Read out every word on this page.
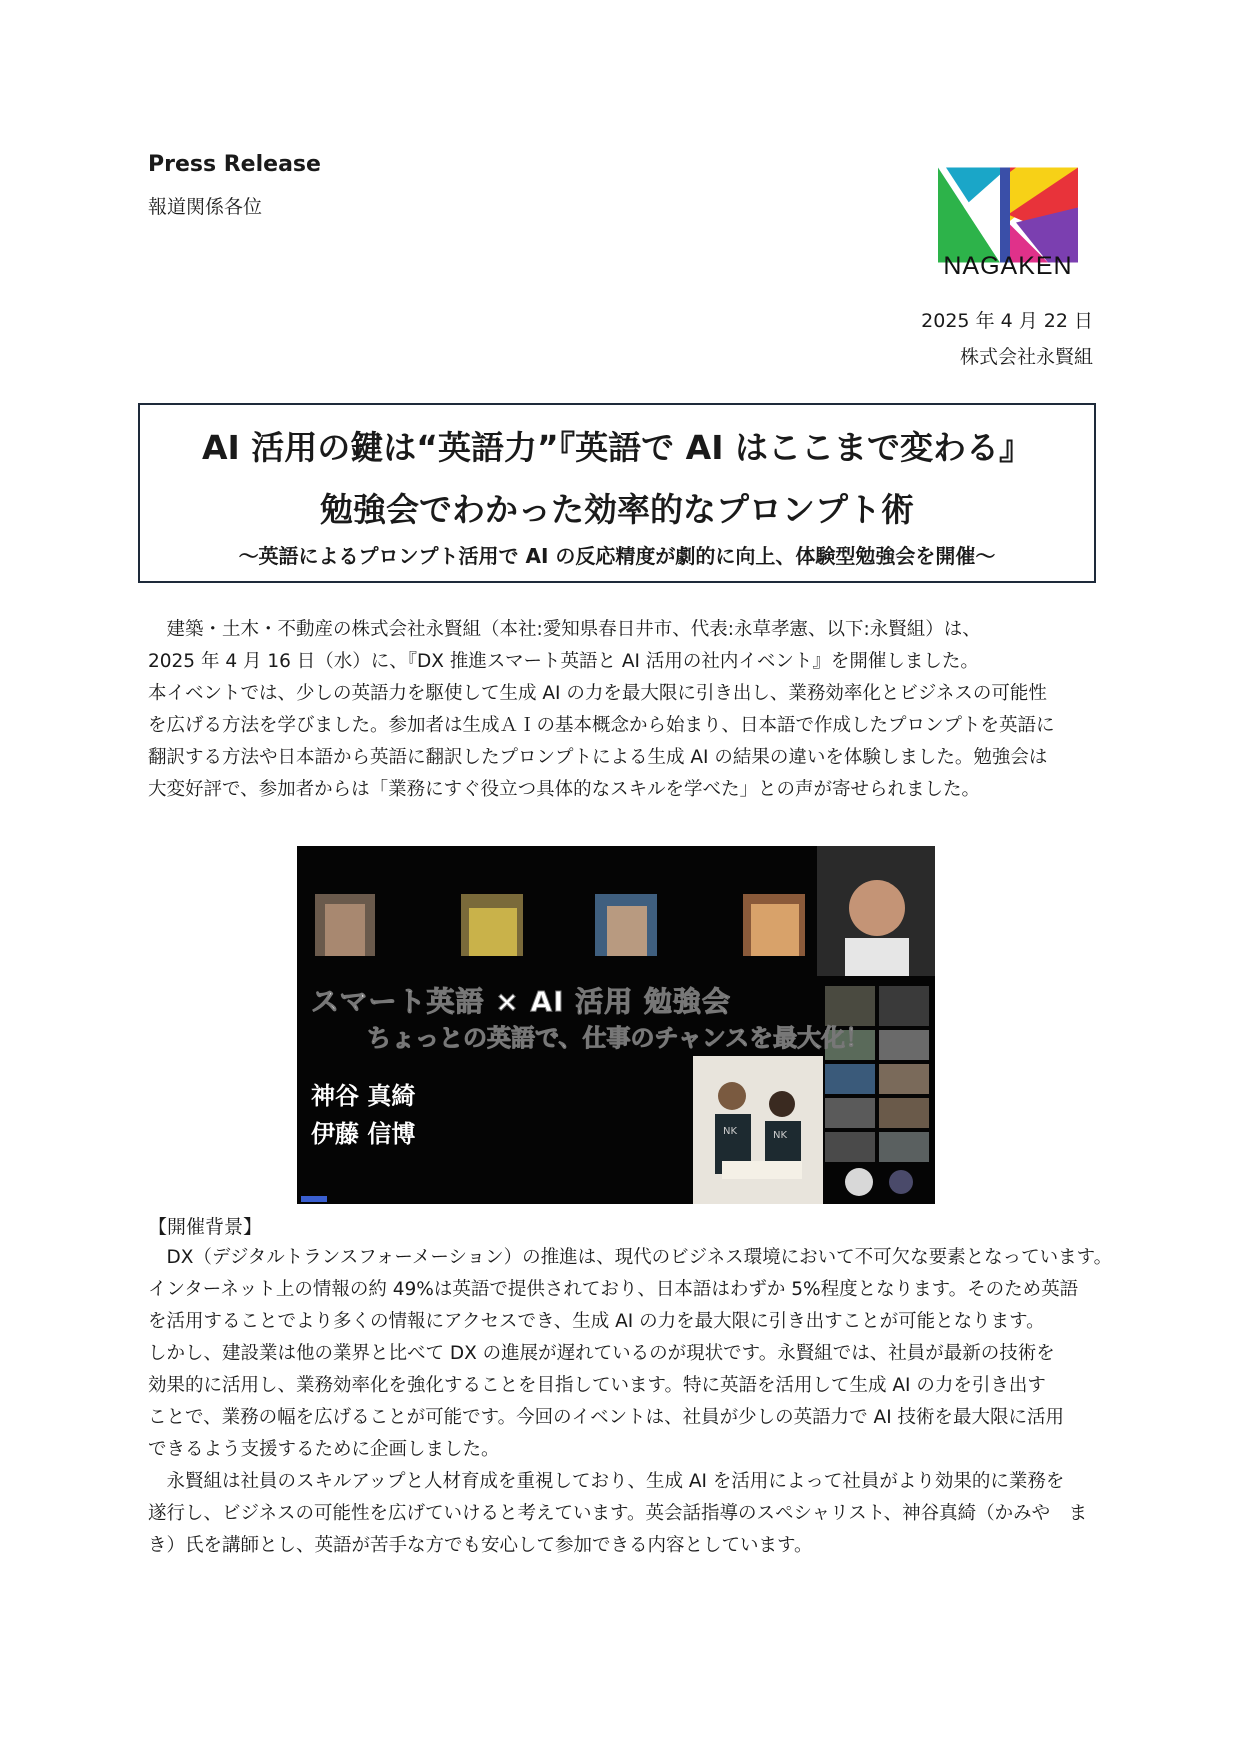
Press Release
報道関係各位
NAGAKEN
2025 年 4 月 22 日
株式会社永賢組
AI 活用の鍵は“英語力”『英語で AI はここまで変わる』
勉強会でわかった効率的なプロンプト術
〜英語によるプロンプト活用で AI の反応精度が劇的に向上、体験型勉強会を開催〜

　建築・土木・不動産の株式会社永賢組（本社:愛知県春日井市、代表:永草孝憲、以下:永賢組）は、

2025 年 4 月 16 日（水）に、『DX 推進スマート英語と AI 活用の社内イベント』を開催しました。

本イベントでは、少しの英語力を駆使して生成 AI の力を最大限に引き出し、業務効率化とビジネスの可能性

を広げる方法を学びました。参加者は生成ＡＩの基本概念から始まり、日本語で作成したプロンプトを英語に

翻訳する方法や日本語から英語に翻訳したプロンプトによる生成 AI の結果の違いを体験しました。勉強会は

大変好評で、参加者からは「業務にすぐ役立つ具体的なスキルを学べた」との声が寄せられました。

スマート英語 × AI 活用 勉強会
ちょっとの英語で、仕事のチャンスを最大化！
神谷 真綺
伊藤 信博	NK	NK
【開催背景】

　DX（デジタルトランスフォーメーション）の推進は、現代のビジネス環境において不可欠な要素となっています。

インターネット上の情報の約 49%は英語で提供されており、日本語はわずか 5%程度となります。そのため英語

を活用することでより多くの情報にアクセスでき、生成 AI の力を最大限に引き出すことが可能となります。

しかし、建設業は他の業界と比べて DX の進展が遅れているのが現状です。永賢組では、社員が最新の技術を

効果的に活用し、業務効率化を強化することを目指しています。特に英語を活用して生成 AI の力を引き出す

ことで、業務の幅を広げることが可能です。今回のイベントは、社員が少しの英語力で AI 技術を最大限に活用

できるよう支援するために企画しました。

　永賢組は社員のスキルアップと人材育成を重視しており、生成 AI を活用によって社員がより効果的に業務を

遂行し、ビジネスの可能性を広げていけると考えています。英会話指導のスペシャリスト、神谷真綺（かみや　ま

き）氏を講師とし、英語が苦手な方でも安心して参加できる内容としています。
